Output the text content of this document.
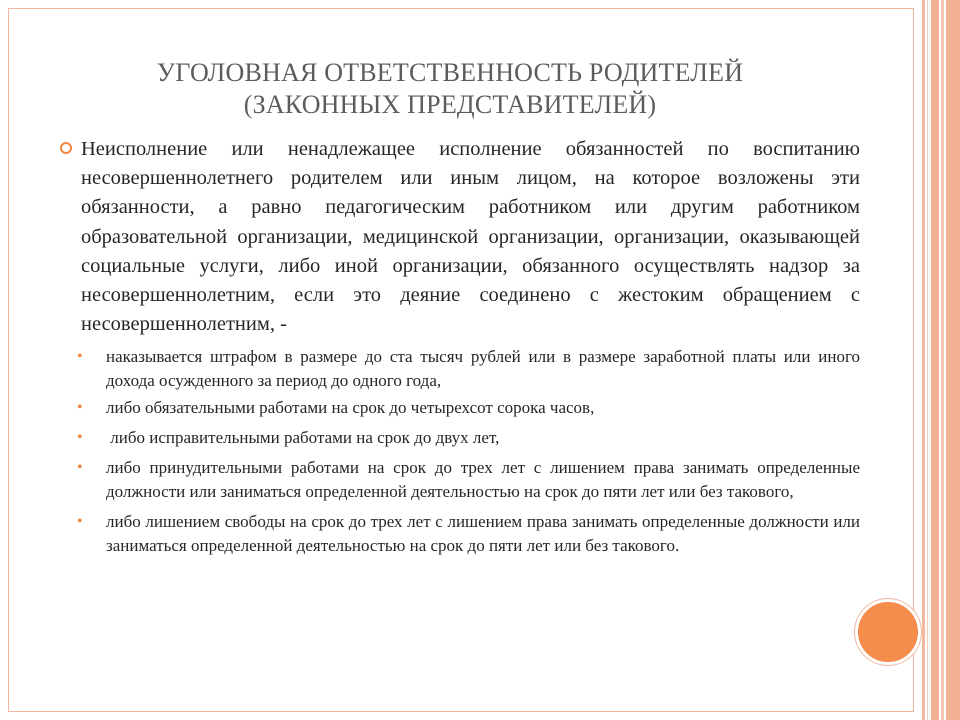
УГОЛОВНАЯ ОТВЕТСТВЕННОСТЬ РОДИТЕЛЕЙ
(ЗАКОННЫХ ПРЕДСТАВИТЕЛЕЙ)
Неисполнение или ненадлежащее исполнение обязанностей по воспитанию несовершеннолетнего родителем или иным лицом, на которое возложены эти обязанности, а равно педагогическим работником или другим работником образовательной организации, медицинской организации, организации, оказывающей социальные услуги, либо иной организации, обязанного осуществлять надзор за несовершеннолетним, если это деяние соединено с жестоким обращением с несовершеннолетним, -
• наказывается штрафом в размере до ста тысяч рублей или в размере заработной платы или иного дохода осужденного за период до одного года,
• либо обязательными работами на срок до четырехсот сорока часов,
• либо исправительными работами на срок до двух лет,
• либо принудительными работами на срок до трех лет с лишением права занимать определенные должности или заниматься определенной деятельностью на срок до пяти лет или без такового,
• либо лишением свободы на срок до трех лет с лишением права занимать определенные должности или заниматься определенной деятельностью на срок до пяти лет или без такового.
